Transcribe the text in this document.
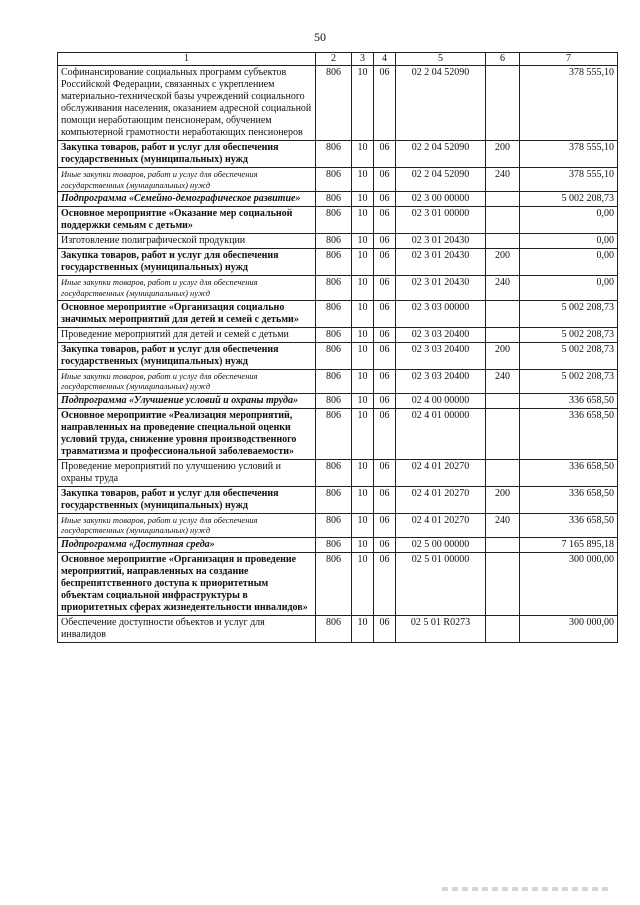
50
1	2	3	4	5	6	7
Софинансирование социальных программ субъектов Российской Федерации, связанных с укреплением материально-технической базы учреждений социального обслуживания населения, оказанием адресной социальной помощи неработающим пенсионерам, обучением компьютерной грамотности неработающих пенсионеров	806	10	06	02 2 04 52090		378 555,10
Закупка товаров, работ и услуг для обеспечения государственных (муниципальных) нужд	806	10	06	02 2 04 52090	200	378 555,10
Иные закупки товаров, работ и услуг для обеспечения государственных (муниципальных) нужд	806	10	06	02 2 04 52090	240	378 555,10
Подпрограмма «Семейно-демографическое развитие»	806	10	06	02 3 00 00000		5 002 208,73
Основное мероприятие «Оказание мер социальной поддержки семьям с детьми»	806	10	06	02 3 01 00000		0,00
Изготовление полиграфической продукции	806	10	06	02 3 01 20430		0,00
Закупка товаров, работ и услуг для обеспечения государственных (муниципальных) нужд	806	10	06	02 3 01 20430	200	0,00
Иные закупки товаров, работ и услуг для обеспечения государственных (муниципальных) нужд	806	10	06	02 3 01 20430	240	0,00
Основное мероприятие «Организация социально значимых мероприятий для детей и семей с детьми»	806	10	06	02 3 03 00000		5 002 208,73
Проведение мероприятий для детей и семей с детьми	806	10	06	02 3 03 20400		5 002 208,73
Закупка товаров, работ и услуг для обеспечения государственных (муниципальных) нужд	806	10	06	02 3 03 20400	200	5 002 208,73
Иные закупки товаров, работ и услуг для обеспечения государственных (муниципальных) нужд	806	10	06	02 3 03 20400	240	5 002 208,73
Подпрограмма «Улучшение условий и охраны труда»	806	10	06	02 4 00 00000		336 658,50
Основное мероприятие «Реализация мероприятий, направленных на проведение специальной оценки условий труда, снижение уровня производственного травматизма и профессиональной заболеваемости»	806	10	06	02 4 01 00000		336 658,50
Проведение мероприятий по улучшению условий и охраны труда	806	10	06	02 4 01 20270		336 658,50
Закупка товаров, работ и услуг для обеспечения государственных (муниципальных) нужд	806	10	06	02 4 01 20270	200	336 658,50
Иные закупки товаров, работ и услуг для обеспечения государственных (муниципальных) нужд	806	10	06	02 4 01 20270	240	336 658,50
Подпрограмма «Доступная среда»	806	10	06	02 5 00 00000		7 165 895,18
Основное мероприятие «Организация и проведение мероприятий, направленных на создание беспрепятственного доступа к приоритетным объектам социальной инфраструктуры в приоритетных сферах жизнедеятельности инвалидов»	806	10	06	02 5 01 00000		300 000,00
Обеспечение доступности объектов и услуг для инвалидов	806	10	06	02 5 01 R0273		300 000,00
